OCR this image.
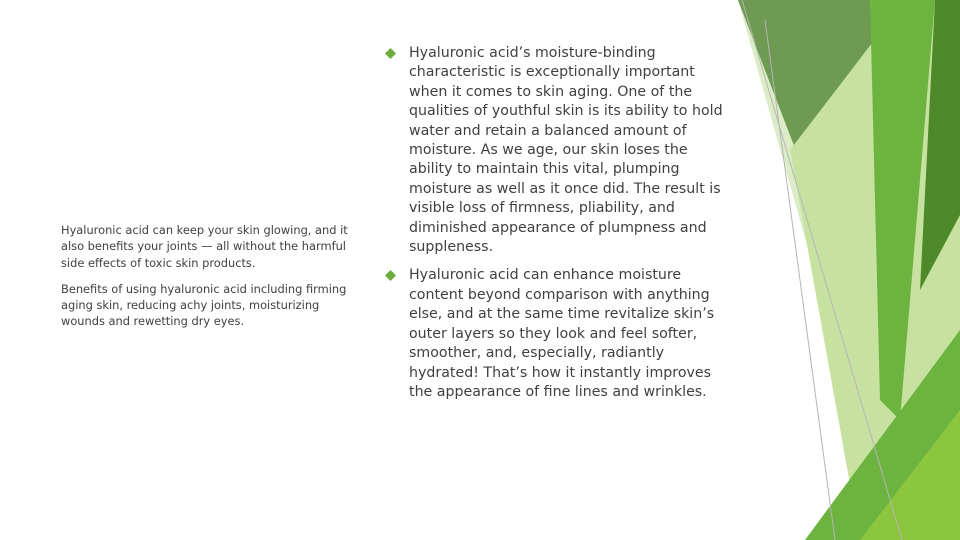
Hyaluronic acid can keep your skin glowing, and it also benefits your joints — all without the harmful side effects of toxic skin products.

Benefits of using hyaluronic acid including firming aging skin, reducing achy joints, moisturizing wounds and rewetting dry eyes.

Hyaluronic acid’s moisture-binding characteristic is exceptionally important when it comes to skin aging. One of the qualities of youthful skin is its ability to hold water and retain a balanced amount of moisture. As we age, our skin loses the ability to maintain this vital, plumping moisture as well as it once did. The result is visible loss of firmness, pliability, and diminished appearance of plumpness and suppleness.
Hyaluronic acid can enhance moisture content beyond comparison with anything else, and at the same time revitalize skin’s outer layers so they look and feel softer, smoother, and, especially, radiantly hydrated! That’s how it instantly improves the appearance of fine lines and wrinkles.
